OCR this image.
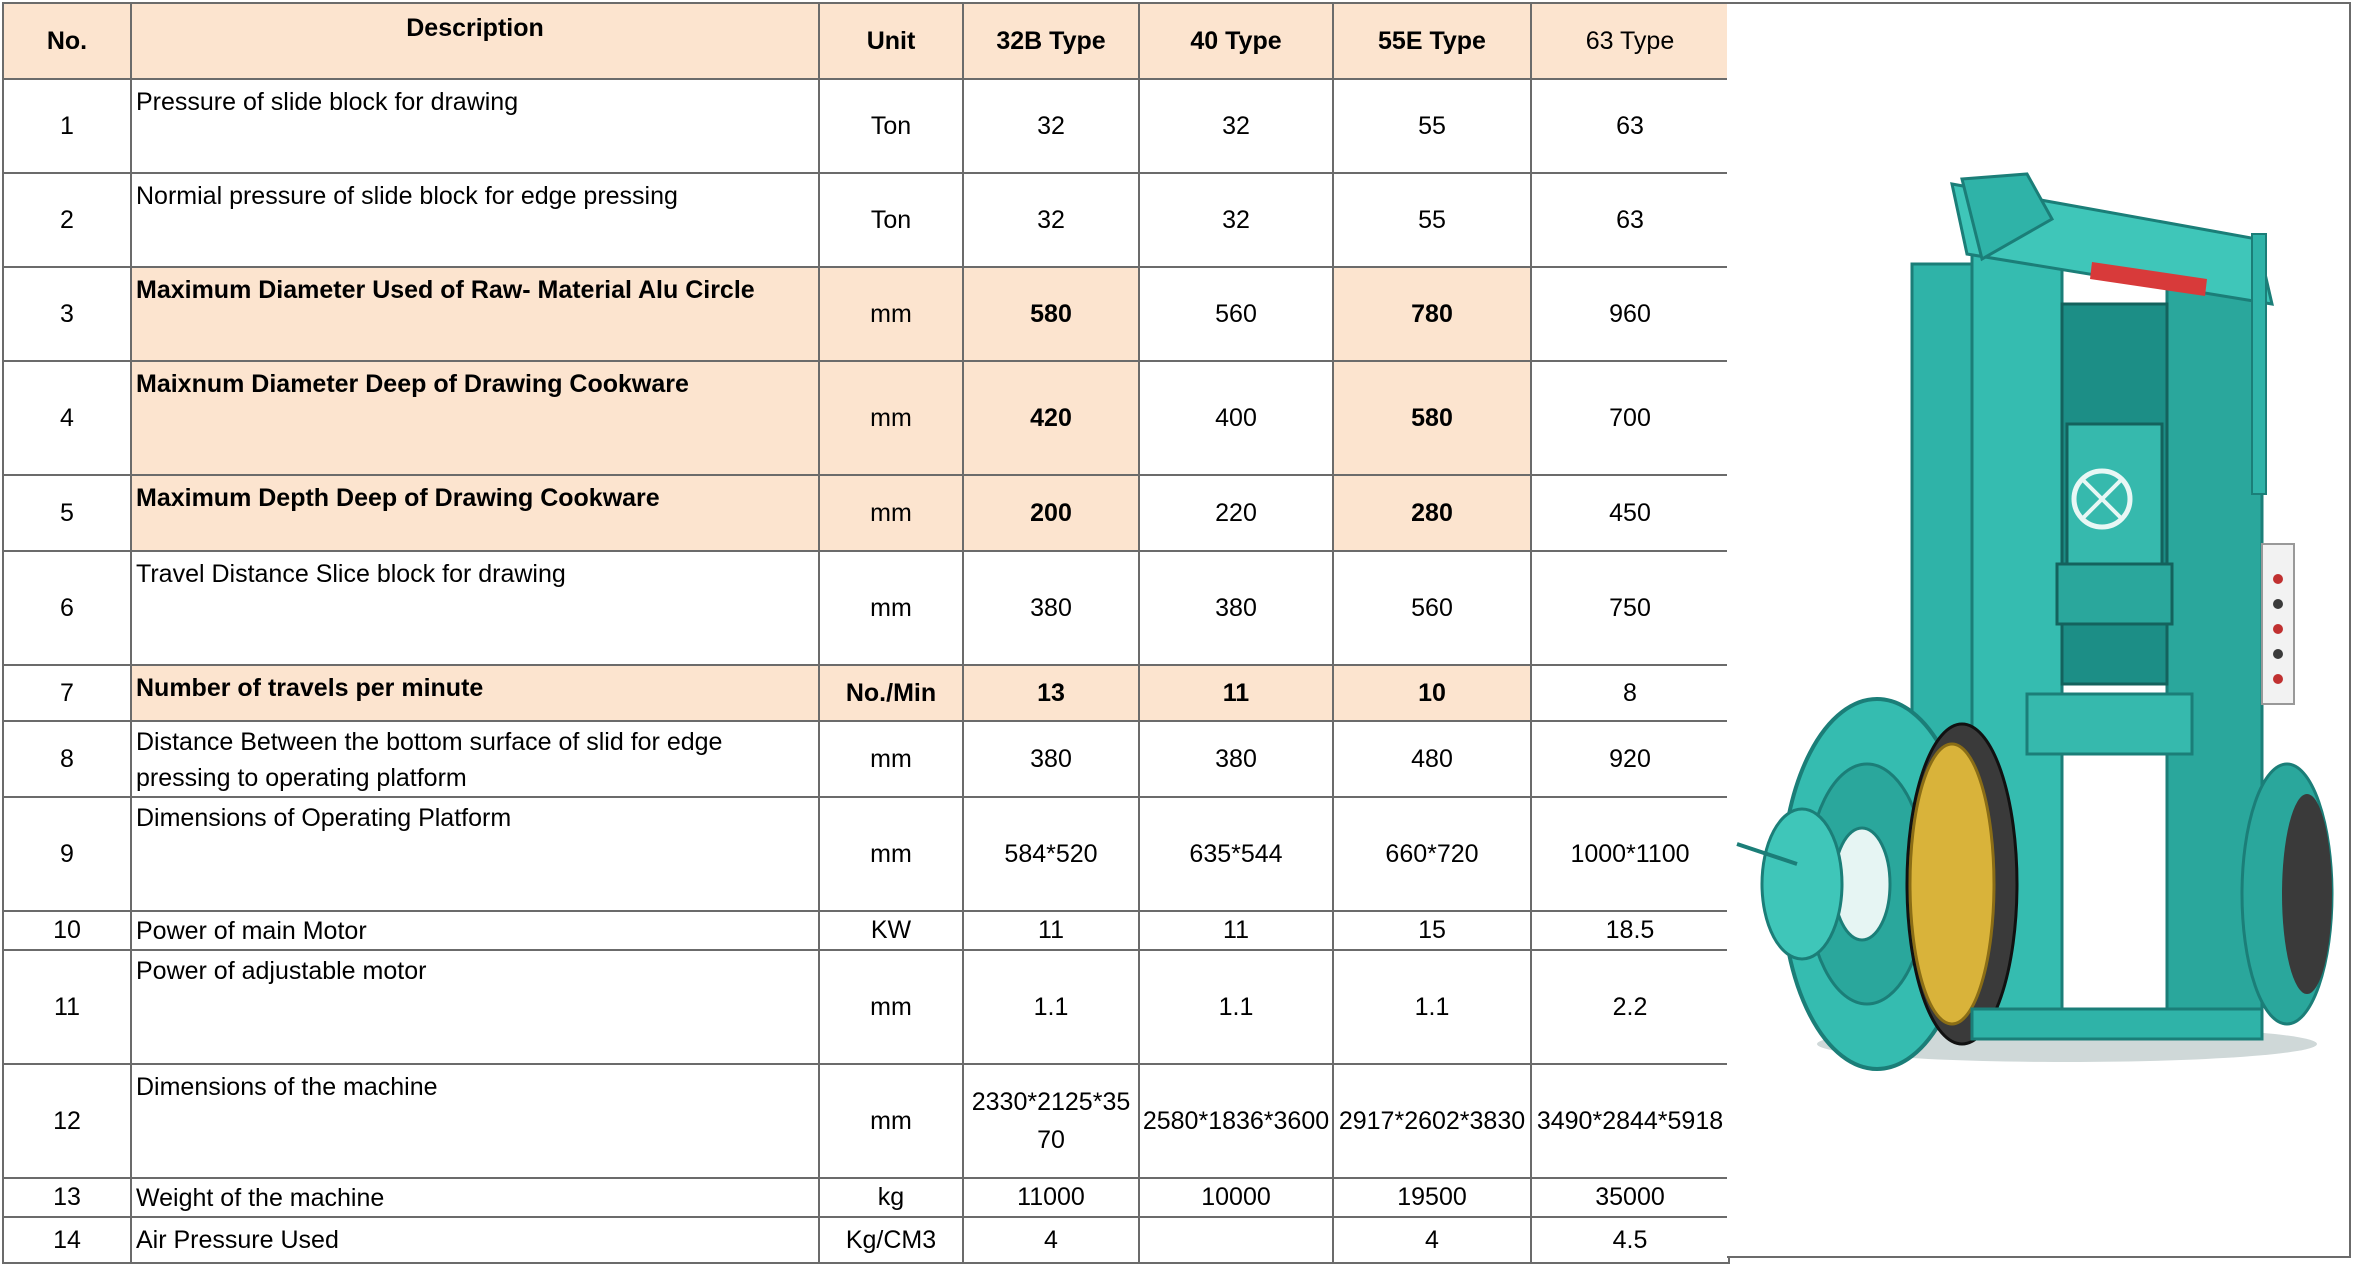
No.	Description	Unit	32B Type	40 Type	55E Type	63 Type
1	Pressure of slide block for drawing	Ton	32	32	55	63
2	Normial pressure of slide block for edge pressing	Ton	32	32	55	63
3	Maximum Diameter Used of Raw- Material Alu Circle	mm	580	560	780	960
4	Maixnum Diameter Deep of Drawing Cookware	mm	420	400	580	700
5	Maximum Depth Deep of Drawing Cookware	mm	200	220	280	450
6	Travel Distance Slice block for drawing	mm	380	380	560	750
7	Number of travels per minute	No./Min	13	11	10	8
8	Distance Between the bottom surface of slid for edge pressing to operating platform	mm	380	380	480	920
9	Dimensions of Operating Platform	mm	584*520	635*544	660*720	1000*1100
10	Power of main Motor	KW	11	11	15	18.5
11	Power of adjustable motor	mm	1.1	1.1	1.1	2.2
12	Dimensions of the machine	mm	2330*2125*3570	2580*1836*3600	2917*2602*3830	3490*2844*5918
13	Weight of the machine	kg	11000	10000	19500	35000
14	Air Pressure Used	Kg/CM3	4		4	4.5
